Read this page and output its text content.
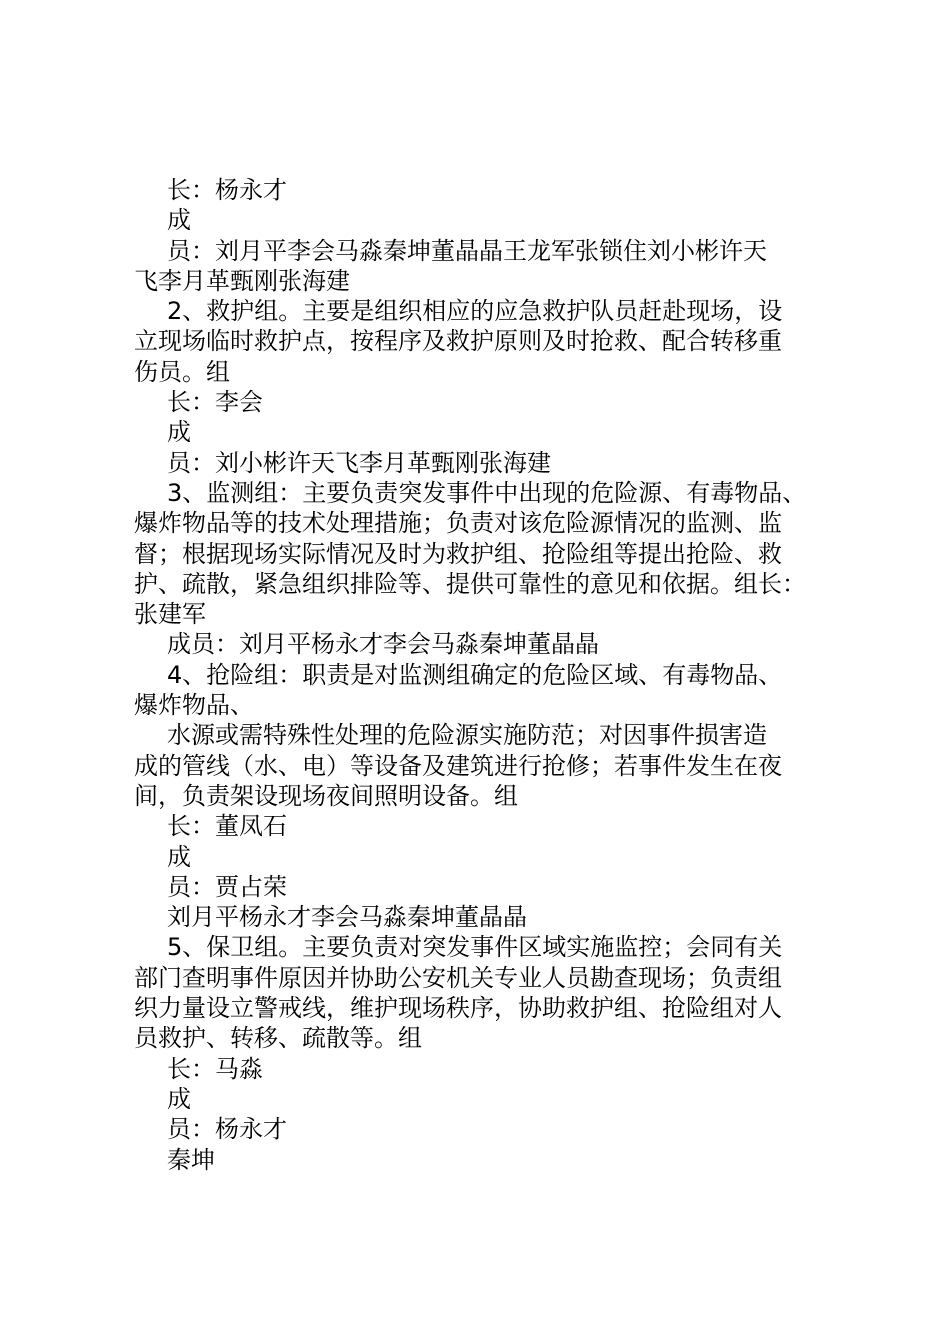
长：杨永才
成
员：刘月平李会马淼秦坤董晶晶王龙军张锁住刘小彬许天
飞李月革甄刚张海建
2、救护组。主要是组织相应的应急救护队员赶赴现场，设
立现场临时救护点，按程序及救护原则及时抢救、配合转移重
伤员。组
长：李会
成
员：刘小彬许天飞李月革甄刚张海建
3、监测组：主要负责突发事件中出现的危险源、有毒物品、
爆炸物品等的技术处理措施；负责对该危险源情况的监测、监
督；根据现场实际情况及时为救护组、抢险组等提出抢险、救
护、疏散，紧急组织排险等、提供可靠性的意见和依据。组长：
张建军
成员：刘月平杨永才李会马淼秦坤董晶晶
4、抢险组：职责是对监测组确定的危险区域、有毒物品、
爆炸物品、
水源或需特殊性处理的危险源实施防范；对因事件损害造
成的管线（水、电）等设备及建筑进行抢修；若事件发生在夜
间，负责架设现场夜间照明设备。组
长：董凤石
成
员：贾占荣
刘月平杨永才李会马淼秦坤董晶晶
5、保卫组。主要负责对突发事件区域实施监控；会同有关
部门查明事件原因并协助公安机关专业人员勘查现场；负责组
织力量设立警戒线，维护现场秩序，协助救护组、抢险组对人
员救护、转移、疏散等。组
长：马淼
成
员：杨永才
秦坤
